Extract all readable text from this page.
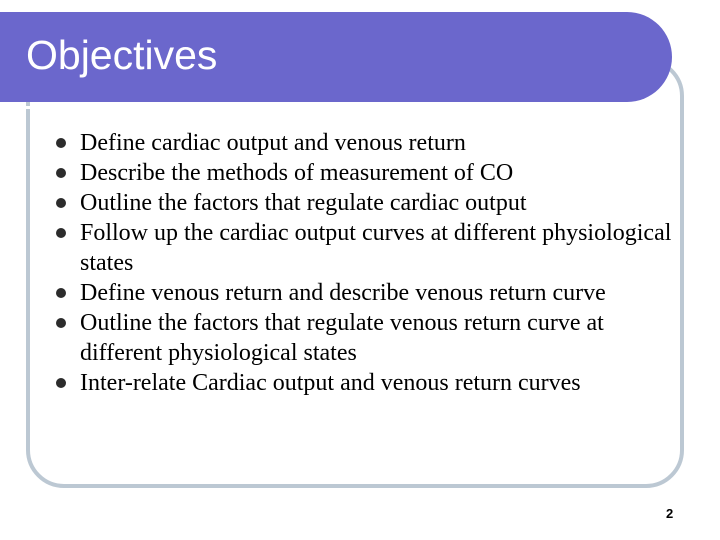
Objectives
Define cardiac output and venous return
Describe the methods of measurement of CO
Outline the factors that regulate cardiac output
Follow up the cardiac output curves at different physiological states
Define venous return and describe venous return curve
Outline the factors that regulate venous return curve at different physiological states
Inter-relate Cardiac output and venous return curves
2
